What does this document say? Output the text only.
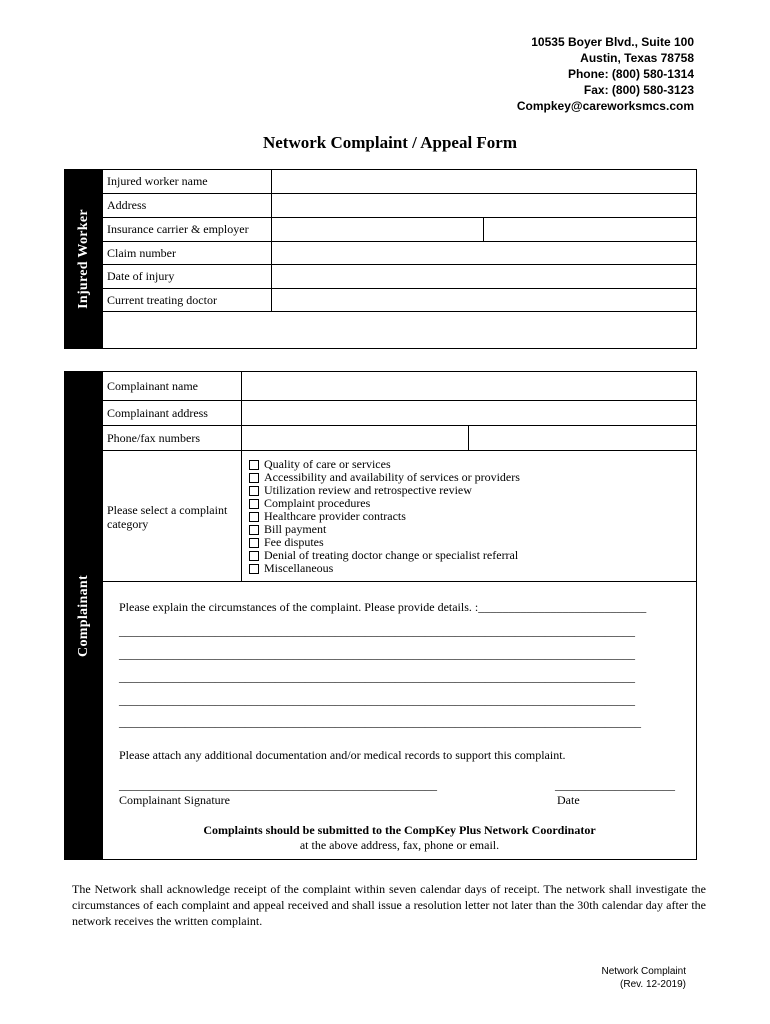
10535 Boyer Blvd., Suite 100
Austin, Texas 78758
Phone: (800) 580-1314
Fax: (800) 580-3123
Compkey@careworksmcs.com
Network Complaint / Appeal Form
Injured Worker
Injured worker name
Address
Insurance carrier & employer
Claim number
Date of injury
Current treating doctor
Complainant
Complainant name
Complainant address
Phone/fax numbers
Please select a complaint category
Quality of care or services
Accessibility and availability of services or providers
Utilization review and retrospective review
Complaint procedures
Healthcare provider contracts
Bill payment
Fee disputes
Denial of treating doctor change or specialist referral
Miscellaneous
Please explain the circumstances of the complaint. Please provide details. :____________________________
______________________________________________________________________________________
______________________________________________________________________________________
______________________________________________________________________________________
______________________________________________________________________________________
_______________________________________________________________________________________
Please attach any additional documentation and/or medical records to support this complaint.
_____________________________________________________
Complainant Signature
____________________
Date
Complaints should be submitted to the CompKey Plus Network Coordinator
at the above address, fax, phone or email.
The Network shall acknowledge receipt of the complaint within seven calendar days of receipt. The network shall investigate the circumstances of each complaint and appeal received and shall issue a resolution letter not later than the 30th calendar day after the network receives the written complaint.
Network Complaint
(Rev. 12-2019)
